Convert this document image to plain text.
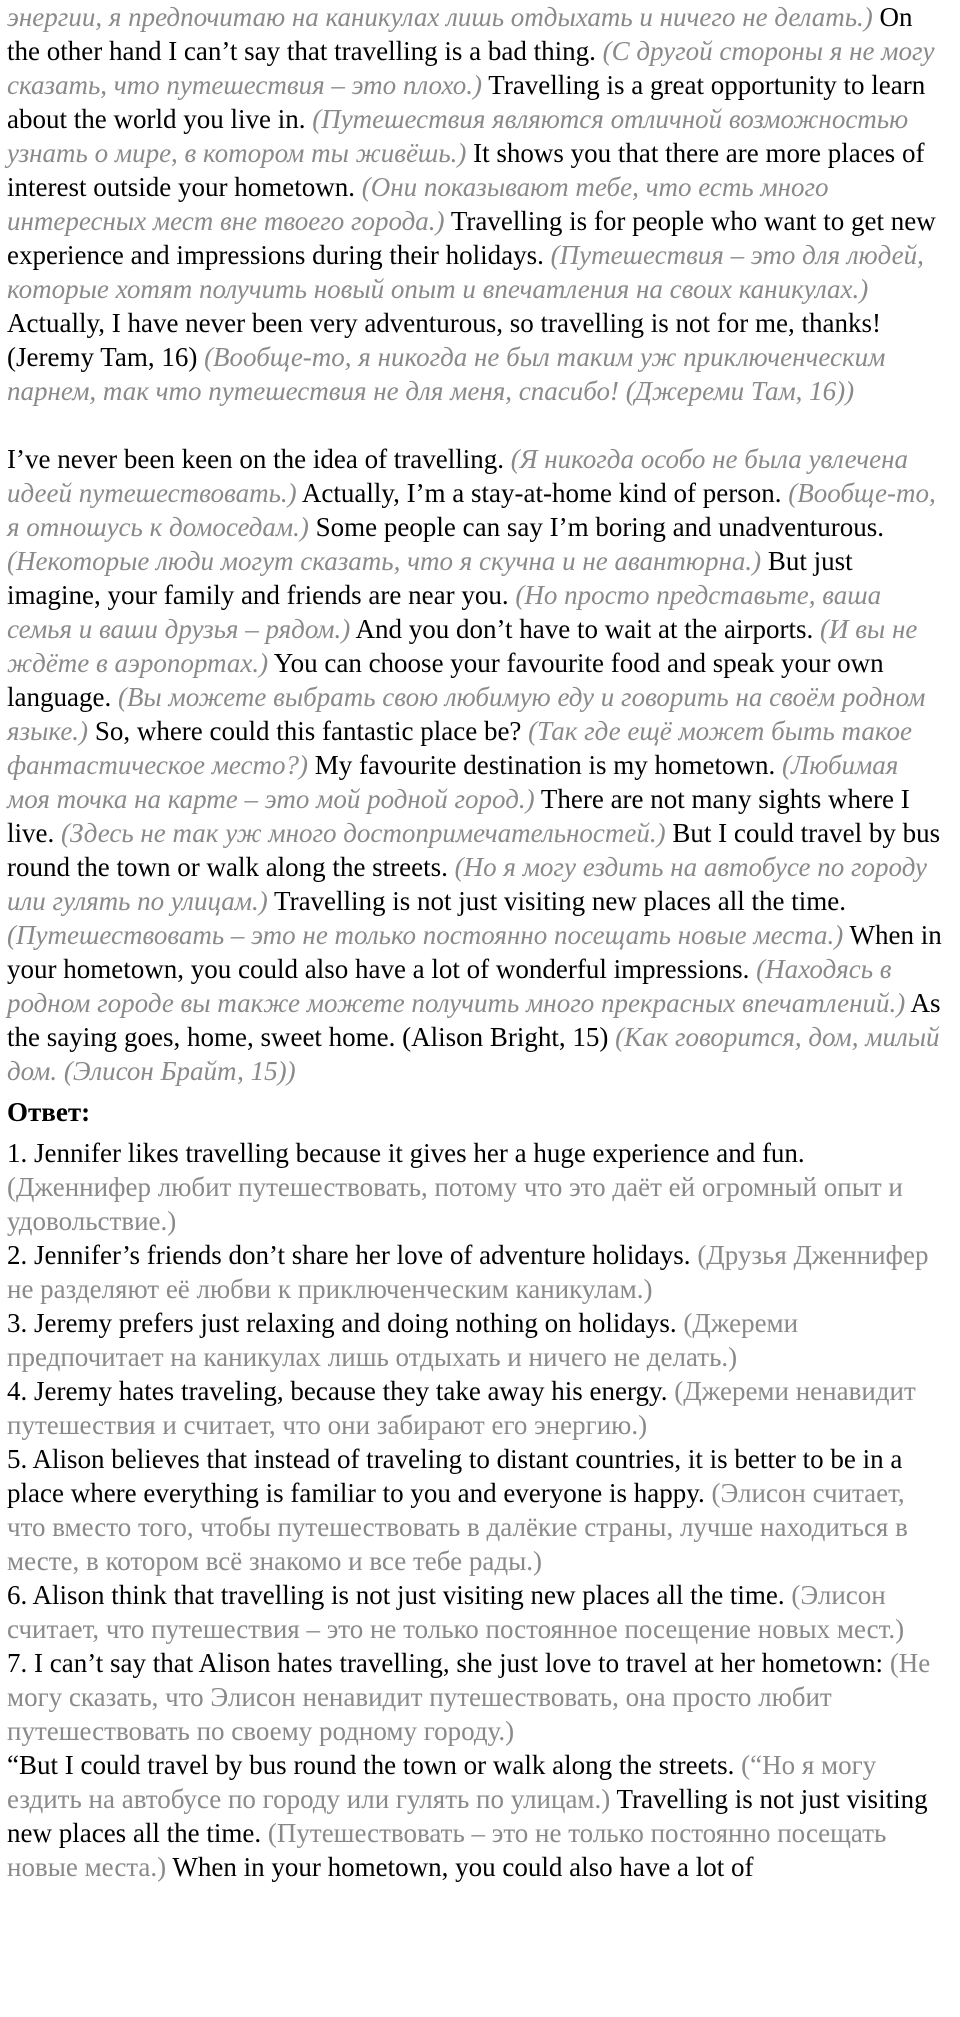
энергии, я предпочитаю на каникулах лишь отдыхать и ничего не делать.) On the other hand I can’t say that travelling is a bad thing. (С другой стороны я не могу сказать, что путешествия – это плохо.) Travelling is a great opportunity to learn about the world you live in. (Путешествия являются отличной возможностью узнать о мире, в котором ты живёшь.) It shows you that there are more places of interest outside your hometown. (Они показывают тебе, что есть много интересных мест вне твоего города.) Travelling is for people who want to get new experience and impressions during their holidays. (Путешествия – это для людей, которые хотят получить новый опыт и впечатления на своих каникулах.) Actually, I have never been very adventurous, so travelling is not for me, thanks! (Jeremy Tam, 16) (Вообще-то, я никогда не был таким уж приключенческим парнем, так что путешествия не для меня, спасибо! (Джереми Там, 16))

I’ve never been keen on the idea of travelling. (Я никогда особо не была увлечена идеей путешествовать.) Actually, I’m a stay-at-home kind of person. (Вообще-то, я отношусь к домоседам.) Some people can say I’m boring and unadventurous. (Некоторые люди могут сказать, что я скучна и не авантюрна.) But just imagine, your family and friends are near you. (Но просто представьте, ваша семья и ваши друзья – рядом.) And you don’t have to wait at the airports. (И вы не ждёте в аэропортах.) You can choose your favourite food and speak your own language. (Вы можете выбрать свою любимую еду и говорить на своём родном языке.) So, where could this fantastic place be? (Так где ещё может быть такое фантастическое место?) My favourite destination is my hometown. (Любимая моя точка на карте – это мой родной город.) There are not many sights where I live. (Здесь не так уж много достопримечательностей.) But I could travel by bus round the town or walk along the streets. (Но я могу ездить на автобусе по городу или гулять по улицам.) Travelling is not just visiting new places all the time. (Путешествовать – это не только постоянно посещать новые места.) When in your hometown, you could also have a lot of wonderful impressions. (Находясь в родном городе вы также можете получить много прекрасных впечатлений.) As the saying goes, home, sweet home. (Alison Bright, 15) (Как говорится, дом, милый дом. (Элисон Брайт, 15))

Ответ:

1. Jennifer likes travelling because it gives her a huge experience and fun. (Дженнифер любит путешествовать, потому что это даёт ей огромный опыт и удовольствие.)

2. Jennifer’s friends don’t share her love of adventure holidays. (Друзья Дженнифер не разделяют её любви к приключенческим каникулам.)

3. Jeremy prefers just relaxing and doing nothing on holidays. (Джереми предпочитает на каникулах лишь отдыхать и ничего не делать.)

4. Jeremy hates traveling, because they take away his energy. (Джереми ненавидит путешествия и считает, что они забирают его энергию.)

5. Alison believes that instead of traveling to distant countries, it is better to be in a place where everything is familiar to you and everyone is happy. (Элисон считает, что вместо того, чтобы путешествовать в далёкие страны, лучше находиться в месте, в котором всё знакомо и все тебе рады.)

6. Alison think that travelling is not just visiting new places all the time. (Элисон считает, что путешествия – это не только постоянное посещение новых мест.)

7. I can’t say that Alison hates travelling, she just love to travel at her hometown: (Не могу сказать, что Элисон ненавидит путешествовать, она просто любит путешествовать по своему родному городу.)

“But I could travel by bus round the town or walk along the streets. (“Но я могу ездить на автобусе по городу или гулять по улицам.) Travelling is not just visiting new places all the time. (Путешествовать – это не только постоянно посещать новые места.) When in your hometown, you could also have a lot of
